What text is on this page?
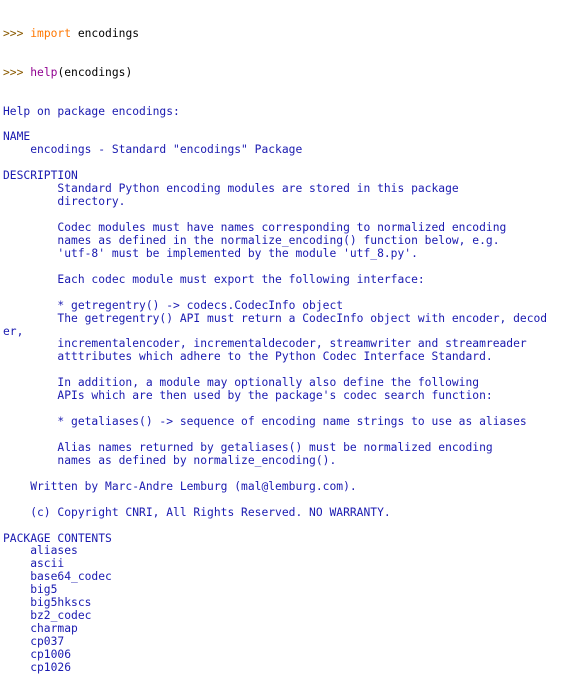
>>> import encodings

>>> help(encodings)

Help on package encodings:
NAME
encodings - Standard "encodings" Package
DESCRIPTION
Standard Python encoding modules are stored in this package
directory.
Codec modules must have names corresponding to normalized encoding
names as defined in the normalize_encoding() function below, e.g.
'utf-8' must be implemented by the module 'utf_8.py'.
Each codec module must export the following interface:
* getregentry() -> codecs.CodecInfo object
The getregentry() API must return a CodecInfo object with encoder, decod
er,
incrementalencoder, incrementaldecoder, streamwriter and streamreader
atttributes which adhere to the Python Codec Interface Standard.
In addition, a module may optionally also define the following
APIs which are then used by the package's codec search function:
* getaliases() -> sequence of encoding name strings to use as aliases
Alias names returned by getaliases() must be normalized encoding
names as defined by normalize_encoding().
Written by Marc-Andre Lemburg (mal@lemburg.com).
(c) Copyright CNRI, All Rights Reserved. NO WARRANTY.
PACKAGE CONTENTS
aliases
ascii
base64_codec
big5
big5hkscs
bz2_codec
charmap
cp037
cp1006
cp1026
